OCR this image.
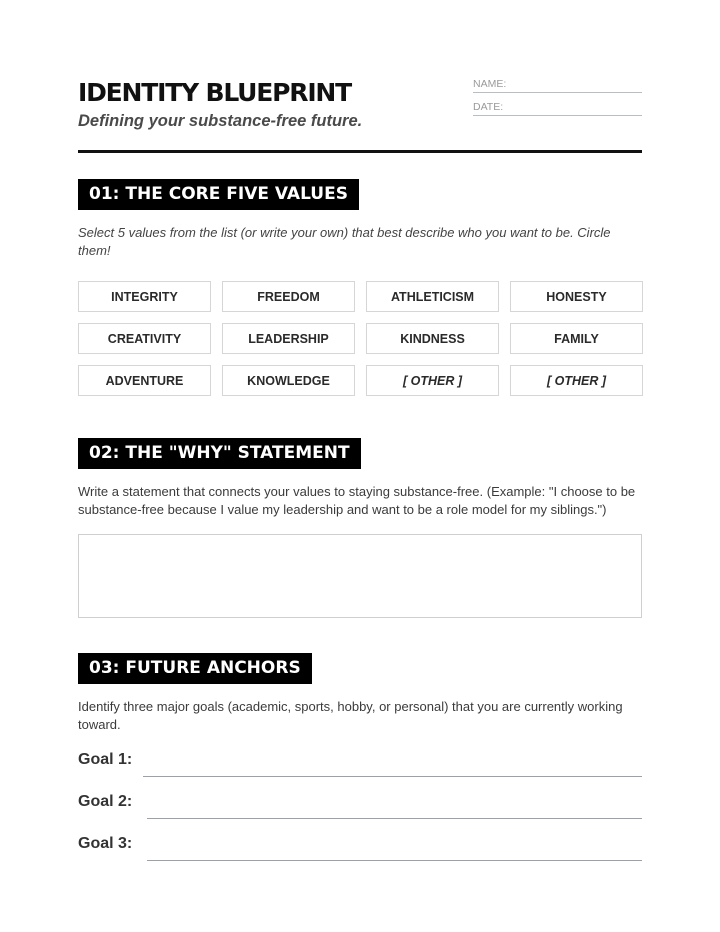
IDENTITY BLUEPRINT
Defining your substance-free future.
NAME:
DATE:
01: THE CORE FIVE VALUES
Select 5 values from the list (or write your own) that best describe who you want to be. Circle them!
INTEGRITY	FREEDOM	ATHLETICISM	HONESTY
CREATIVITY	LEADERSHIP	KINDNESS	FAMILY
ADVENTURE	KNOWLEDGE	[ OTHER ]	[ OTHER ]
02: THE "WHY" STATEMENT
Write a statement that connects your values to staying substance-free. (Example: "I choose to be substance-free because I value my leadership and want to be a role model for my siblings.")
03: FUTURE ANCHORS
Identify three major goals (academic, sports, hobby, or personal) that you are currently working toward.
Goal 1:
Goal 2:
Goal 3:
